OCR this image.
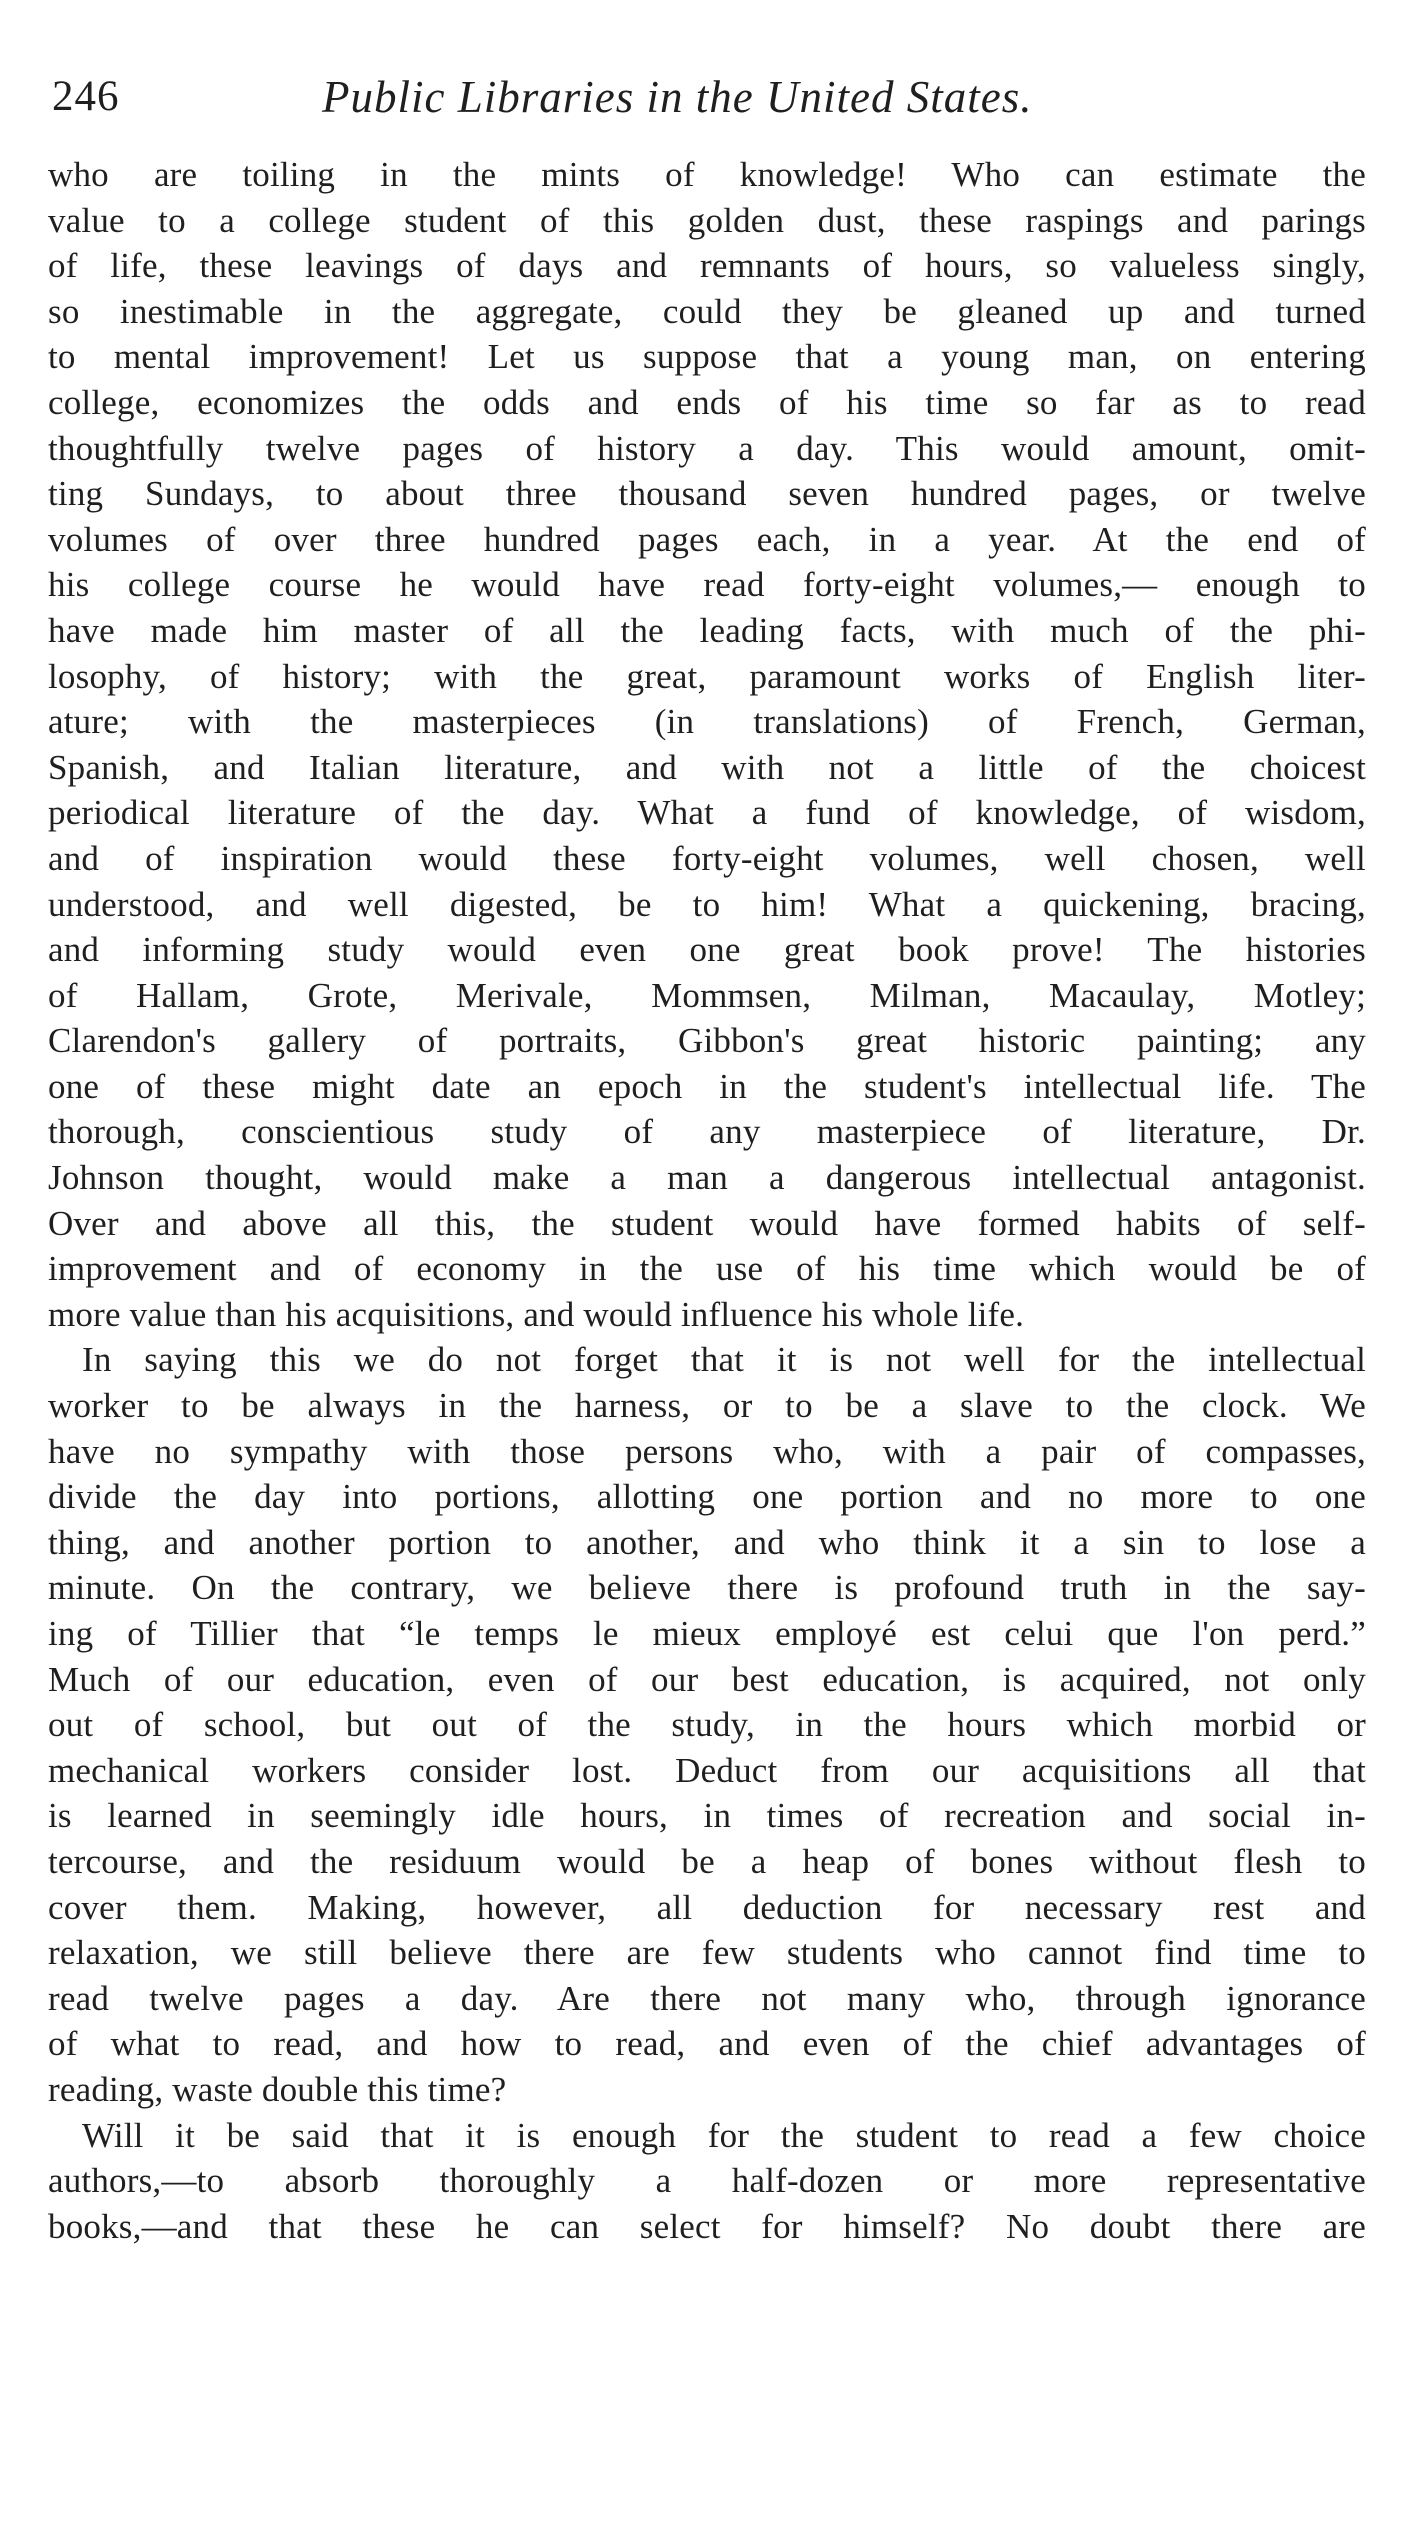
246	Public Libraries in the United States.
who are toiling in the mints of knowledge! Who can estimate the
value to a college student of this golden dust, these raspings and parings
of life, these leavings of days and remnants of hours, so valueless singly,
so inestimable in the aggregate, could they be gleaned up and turned
to mental improvement! Let us suppose that a young man, on entering
college, economizes the odds and ends of his time so far as to read
thoughtfully twelve pages of history a day. This would amount, omit-
ting Sundays, to about three thousand seven hundred pages, or twelve
volumes of over three hundred pages each, in a year. At the end of
his college course he would have read forty-eight volumes,— enough to
have made him master of all the leading facts, with much of the phi-
losophy, of history; with the great, paramount works of English liter-
ature; with the masterpieces (in translations) of French, German,
Spanish, and Italian literature, and with not a little of the choicest
periodical literature of the day. What a fund of knowledge, of wisdom,
and of inspiration would these forty-eight volumes, well chosen, well
understood, and well digested, be to him! What a quickening, bracing,
and informing study would even one great book prove! The histories
of Hallam, Grote, Merivale, Mommsen, Milman, Macaulay, Motley;
Clarendon's gallery of portraits, Gibbon's great historic painting; any
one of these might date an epoch in the student's intellectual life. The
thorough, conscientious study of any masterpiece of literature, Dr.
Johnson thought, would make a man a dangerous intellectual antagonist.
Over and above all this, the student would have formed habits of self-
improvement and of economy in the use of his time which would be of
more value than his acquisitions, and would influence his whole life.
In saying this we do not forget that it is not well for the intellectual
worker to be always in the harness, or to be a slave to the clock. We
have no sympathy with those persons who, with a pair of compasses,
divide the day into portions, allotting one portion and no more to one
thing, and another portion to another, and who think it a sin to lose a
minute. On the contrary, we believe there is profound truth in the say-
ing of Tillier that “le temps le mieux employé est celui que l'on perd.”
Much of our education, even of our best education, is acquired, not only
out of school, but out of the study, in the hours which morbid or
mechanical workers consider lost. Deduct from our acquisitions all that
is learned in seemingly idle hours, in times of recreation and social in-
tercourse, and the residuum would be a heap of bones without flesh to
cover them. Making, however, all deduction for necessary rest and
relaxation, we still believe there are few students who cannot find time to
read twelve pages a day. Are there not many who, through ignorance
of what to read, and how to read, and even of the chief advantages of
reading, waste double this time?
Will it be said that it is enough for the student to read a few choice
authors,—to absorb thoroughly a half-dozen or more representative
books,—and that these he can select for himself? No doubt there are
